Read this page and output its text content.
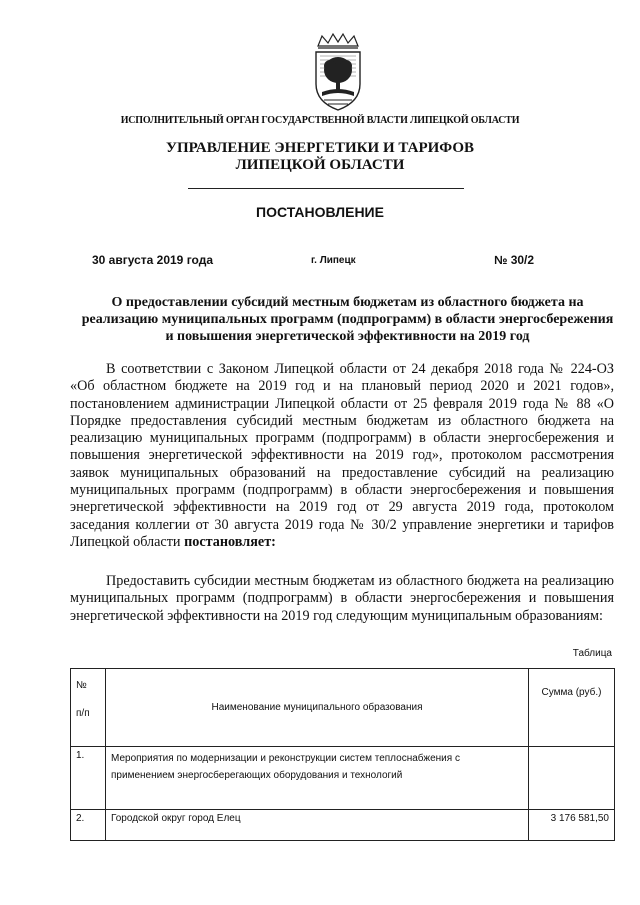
ИСПОЛНИТЕЛЬНЫЙ ОРГАН ГОСУДАРСТВЕННОЙ ВЛАСТИ ЛИПЕЦКОЙ ОБЛАСТИ
УПРАВЛЕНИЕ ЭНЕРГЕТИКИ И ТАРИФОВ
ЛИПЕЦКОЙ ОБЛАСТИ
ПОСТАНОВЛЕНИЕ
30 августа 2019 года	г. Липецк	№ 30/2
О предоставлении субсидий местным бюджетам из областного бюджета на реализацию муниципальных программ (подпрограмм) в области энергосбережения и повышения энергетической эффективности на 2019 год

В соответствии с Законом Липецкой области от 24 декабря 2018 года № 224-ОЗ «Об областном бюджете на 2019 год и на плановый период 2020 и 2021 годов», постановлением администрации Липецкой области от 25 февраля 2019 года № 88 «О Порядке предоставления субсидий местным бюджетам из областного бюджета на реализацию муниципальных программ (подпрограмм) в области энергосбережения и повышения энергетической эффективности на 2019 год», протоколом рассмотрения заявок муниципальных образований на предоставление субсидий на реализацию муниципальных программ (подпрограмм) в области энергосбережения и повышения энергетической эффективности на 2019 год от 29 августа 2019 года, протоколом заседания коллегии от 30 августа 2019 года № 30/2 управление энергетики и тарифов Липецкой области постановляет:

Предоставить субсидии местным бюджетам из областного бюджета на реализацию муниципальных программ (подпрограмм) в области энергосбережения и повышения энергетической эффективности на 2019 год следующим муниципальным образованиям:

Таблица
№
п/п	Наименование муниципального образования	Сумма (руб.)
1.	Мероприятия по модернизации и реконструкции систем теплоснабжения с применением энергосберегающих оборудования и технологий	
2.	Городской округ город Елец	3 176 581,50
